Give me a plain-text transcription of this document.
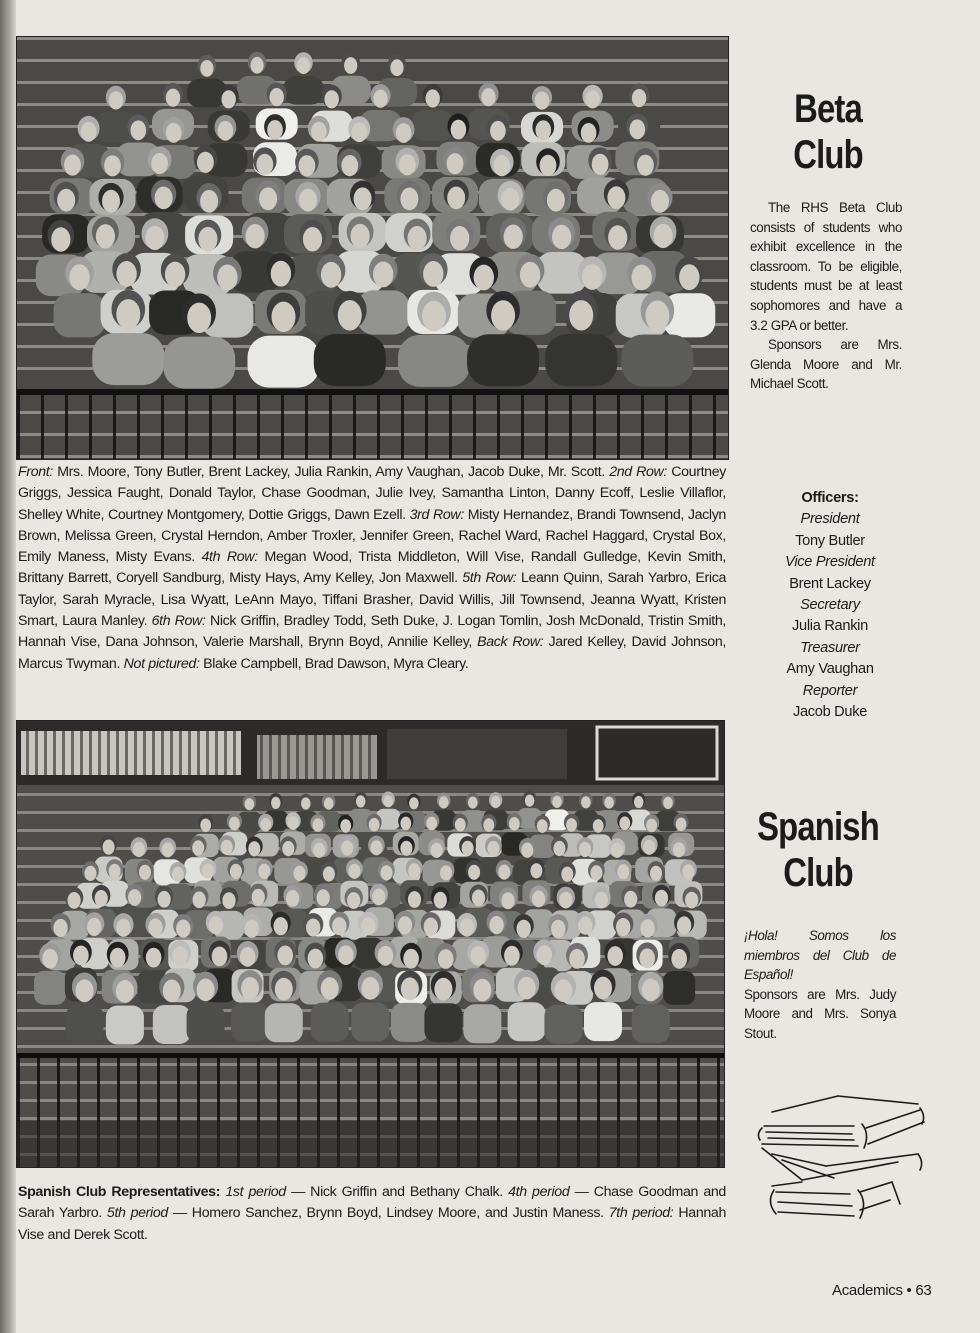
Front: Mrs. Moore, Tony Butler, Brent Lackey, Julia Rankin, Amy Vaughan, Jacob Duke, Mr. Scott. 2nd Row: Courtney Griggs, Jessica Faught, Donald Taylor, Chase Goodman, Julie Ivey, Samantha Linton, Danny Ecoff, Leslie Villaflor, Shelley White, Courtney Montgomery, Dottie Griggs, Dawn Ezell. 3rd Row: Misty Hernandez, Brandi Townsend, Jaclyn Brown, Melissa Green, Crystal Herndon, Amber Troxler, Jennifer Green, Rachel Ward, Rachel Haggard, Crystal Box, Emily Maness, Misty Evans. 4th Row: Megan Wood, Trista Middleton, Will Vise, Randall Gulledge, Kevin Smith, Brittany Barrett, Coryell Sandburg, Misty Hays, Amy Kelley, Jon Maxwell. 5th Row: Leann Quinn, Sarah Yarbro, Erica Taylor, Sarah Myracle, Lisa Wyatt, LeAnn Mayo, Tiffani Brasher, David Willis, Jill Townsend, Jeanna Wyatt, Kristen Smart, Laura Manley. 6th Row: Nick Griffin, Bradley Todd, Seth Duke, J. Logan Tomlin, Josh McDonald, Tristin Smith, Hannah Vise, Dana Johnson, Valerie Marshall, Brynn Boyd, Annilie Kelley, Back Row: Jared Kelley, David Johnson, Marcus Twyman. Not pictured: Blake Campbell, Brad Dawson, Myra Cleary.
Beta
Club

The RHS Beta Club consists of students who exhibit excellence in the classroom. To be eligible, students must be at least sophomores and have a 3.2 GPA or better.

Sponsors are Mrs. Glenda Moore and Mr. Michael Scott.

Officers:
President
Tony Butler
Vice President
Brent Lackey
Secretary
Julia Rankin
Treasurer
Amy Vaughan
Reporter
Jacob Duke
Spanish Club Representatives: 1st period — Nick Griffin and Bethany Chalk. 4th period — Chase Goodman and Sarah Yarbro. 5th period — Homero Sanchez, Brynn Boyd, Lindsey Moore, and Justin Maness. 7th period: Hannah Vise and Derek Scott.
Spanish
Club
¡Hola! Somos los miembros del Club de Español!
Sponsors are Mrs. Judy Moore and Mrs. Sonya Stout.
Academics • 63
